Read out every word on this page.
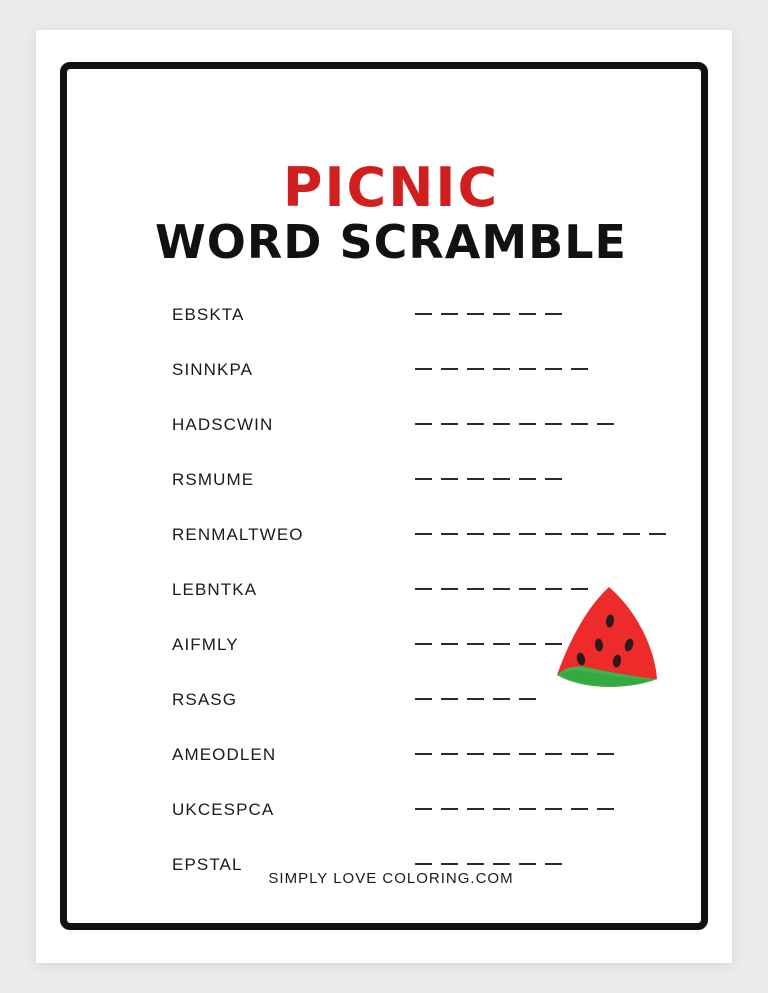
PICNIC
WORD SCRAMBLE
EBSKTA
SINNKPA
HADSCWIN
RSMUME
RENMALTWEO
LEBNTKA
AIFMLY
RSASG
AMEODLEN
UKCESPCA
EPSTAL
SIMPLY LOVE COLORING.COM
